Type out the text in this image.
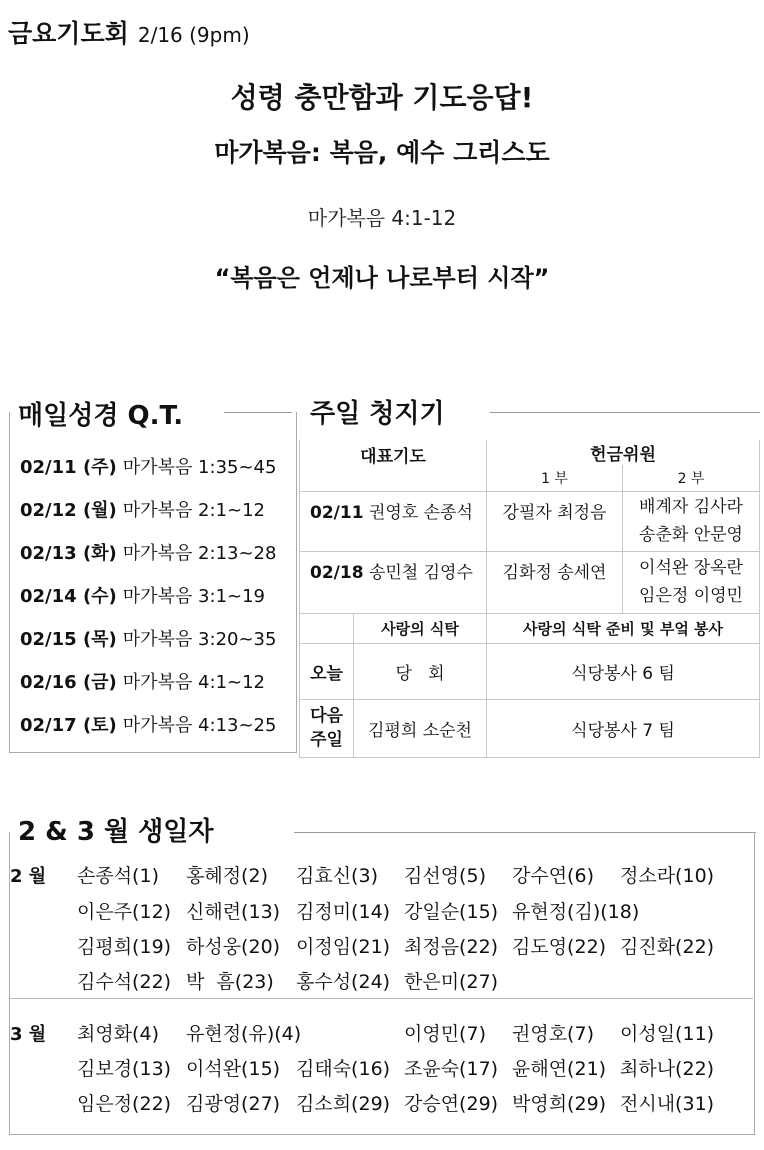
금요기도회 2/16 (9pm)
성령 충만함과 기도응답!
마가복음: 복음, 예수 그리스도
마가복음 4:1-12
“복음은 언제나 나로부터 시작”
매일성경 Q.T.
02/11 (주) 마가복음 1:35~45
02/12 (월) 마가복음 2:1~12
02/13 (화) 마가복음 2:13~28
02/14 (수) 마가복음 3:1~19
02/15 (목) 마가복음 3:20~35
02/16 (금) 마가복음 4:1~12
02/17 (토) 마가복음 4:13~25
주일 청지기
대표기도		헌금위원	
		1 부	2 부
02/11 권영호 손종석		강필자 최정음	배계자 김사라
송춘화 안문영

02/18 송민철 김영수		김화정 송세연	이석완 장옥란
임은정 이영민

	사랑의 식탁	사랑의 식탁 준비 및 부엌 봉사	
오늘	당   회	식당봉사 6 팀	

다음
주일	김평희 소순천	식당봉사 7 팀	
2 & 3 월 생일자
2 월 손종석(1) 홍혜정(2) 김효신(3) 김선영(5) 강수연(6) 정소라(10)
이은주(12) 신해련(13) 김정미(14) 강일순(15) 유현정(김)(18)
김평희(19) 하성웅(20) 이정임(21) 최정음(22) 김도영(22) 김진화(22)
김수석(22) 박  흠(23) 홍수성(24) 한은미(27)
3 월 최영화(4) 유현정(유)(4)	이영민(7) 권영호(7) 이성일(11)
김보경(13) 이석완(15) 김태숙(16) 조윤숙(17) 윤해연(21) 최하나(22)
임은정(22) 김광영(27) 김소희(29) 강승연(29) 박영희(29) 전시내(31)
